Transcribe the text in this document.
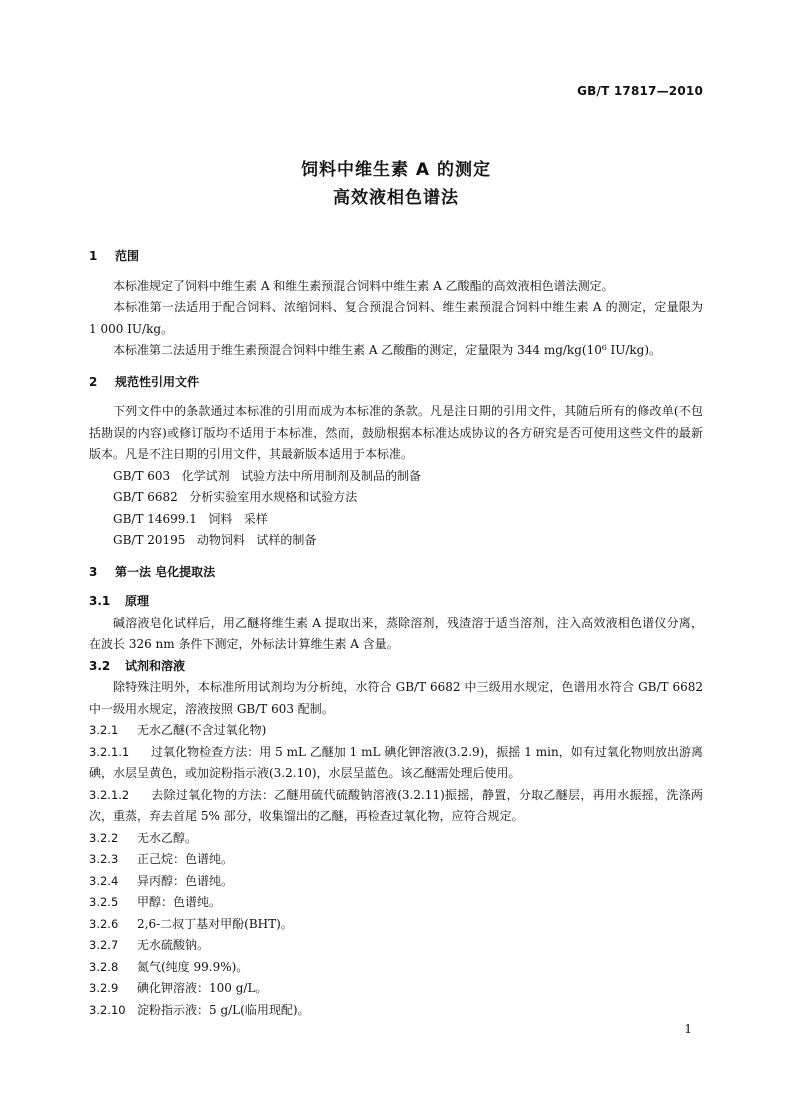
GB/T 17817—2010
饲料中维生素 A 的测定
高效液相色谱法

1 范围

本标准规定了饲料中维生素 A 和维生素预混合饲料中维生素 A 乙酸酯的高效液相色谱法测定。

本标准第一法适用于配合饲料、浓缩饲料、复合预混合饲料、维生素预混合饲料中维生素 A 的测定，定量限为 1 000 IU/kg。

本标准第二法适用于维生素预混合饲料中维生素 A 乙酸酯的测定，定量限为 344 mg/kg(10⁶ IU/kg)。

2 规范性引用文件

下列文件中的条款通过本标准的引用而成为本标准的条款。凡是注日期的引用文件，其随后所有的修改单(不包括勘误的内容)或修订版均不适用于本标准，然而，鼓励根据本标准达成协议的各方研究是否可使用这些文件的最新版本。凡是不注日期的引用文件，其最新版本适用于本标准。

GB/T 603   化学试剂   试验方法中所用制剂及制品的制备

GB/T 6682   分析实验室用水规格和试验方法

GB/T 14699.1   饲料   采样

GB/T 20195   动物饲料   试样的制备

3 第一法 皂化提取法

3.1 原理

碱溶液皂化试样后，用乙醚将维生素 A 提取出来，蒸除溶剂，残渣溶于适当溶剂，注入高效液相色谱仪分离，在波长 326 nm 条件下测定，外标法计算维生素 A 含量。

3.2 试剂和溶液

除特殊注明外，本标准所用试剂均为分析纯，水符合 GB/T 6682 中三级用水规定，色谱用水符合 GB/T 6682 中一级用水规定，溶液按照 GB/T 603 配制。

3.2.1 无水乙醚(不含过氧化物)

3.2.1.1 过氧化物检查方法：用 5 mL 乙醚加 1 mL 碘化钾溶液(3.2.9)，振摇 1 min，如有过氧化物则放出游离碘，水层呈黄色，或加淀粉指示液(3.2.10)，水层呈蓝色。该乙醚需处理后使用。

3.2.1.2 去除过氧化物的方法：乙醚用硫代硫酸钠溶液(3.2.11)振摇，静置，分取乙醚层，再用水振摇，洗涤两次，重蒸，弃去首尾 5% 部分，收集馏出的乙醚，再检查过氧化物，应符合规定。

3.2.2 无水乙醇。

3.2.3 正己烷：色谱纯。

3.2.4 异丙醇：色谱纯。

3.2.5 甲醇：色谱纯。

3.2.6 2,6-二叔丁基对甲酚(BHT)。

3.2.7 无水硫酸钠。

3.2.8 氮气(纯度 99.9%)。

3.2.9 碘化钾溶液：100 g/L。

3.2.10 淀粉指示液：5 g/L(临用现配)。

1
